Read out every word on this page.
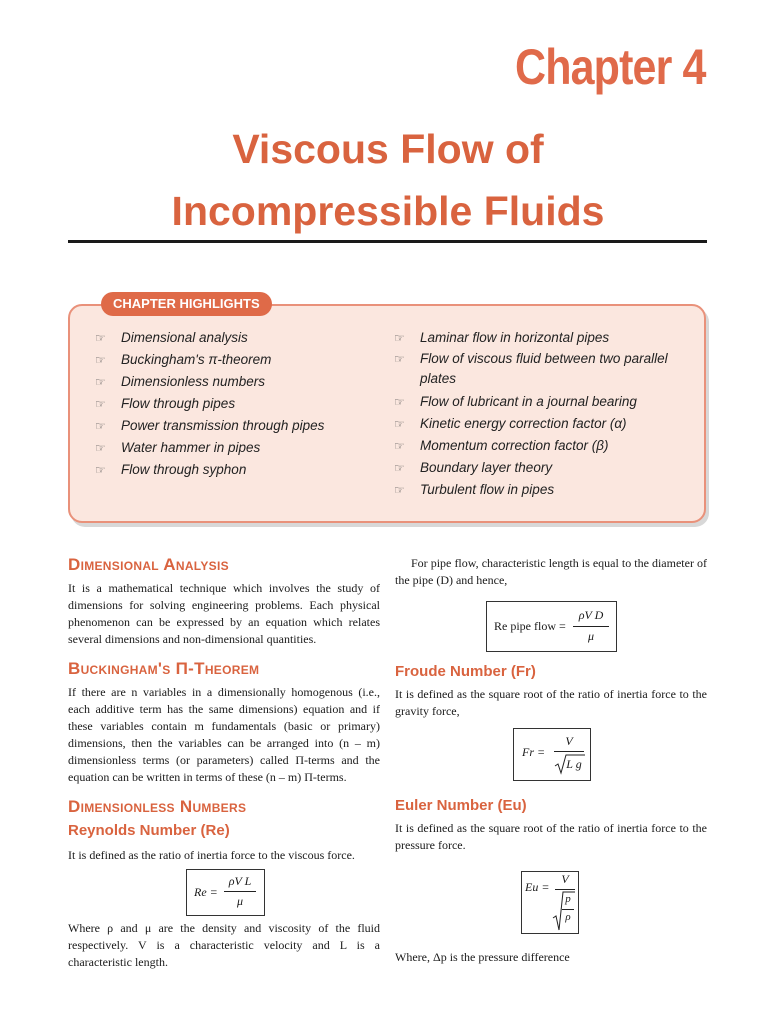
Chapter 4
Viscous Flow of
Incompressible Fluids
CHAPTER HIGHLIGHTS
☞ Dimensional analysis
☞ Buckingham's π-theorem
☞ Dimensionless numbers
☞ Flow through pipes
☞ Power transmission through pipes
☞ Water hammer in pipes
☞ Flow through syphon
☞ Laminar flow in horizontal pipes
☞ Flow of viscous fluid between two parallel plates
☞ Flow of lubricant in a journal bearing
☞ Kinetic energy correction factor (α)
☞ Momentum correction factor (β)
☞ Boundary layer theory
☞ Turbulent flow in pipes
Dimensional Analysis

It is a mathematical technique which involves the study of dimensions for solving engineering problems. Each physical phenomenon can be expressed by an equation which relates several dimensions and non-dimensional quantities.

Buckingham's Π-Theorem

If there are n variables in a dimensionally homogenous (i.e., each additive term has the same dimensions) equation and if these variables contain m fundamentals (basic or primary) dimensions, then the variables can be arranged into (n – m) dimensionless terms (or parameters) called Π-terms and the equation can be written in terms of these (n – m) Π-terms.

Dimensionless Numbers
Reynolds Number (Re)

It is defined as the ratio of inertia force to the viscous force.

Re =
ρV L
μ

Where ρ and μ are the density and viscosity of the fluid respectively. V is a characteristic velocity and L is a characteristic length.

For pipe flow, characteristic length is equal to the diameter of the pipe (D) and hence,

Re pipe flow =
ρV D
μ
Froude Number (Fr)

It is defined as the square root of the ratio of inertia force to the gravity force,

Fr =
V
L g
Euler Number (Eu)

It is defined as the square root of the ratio of inertia force to the pressure force.

Eu =
V
p
ρ

Where, Δp is the pressure difference
